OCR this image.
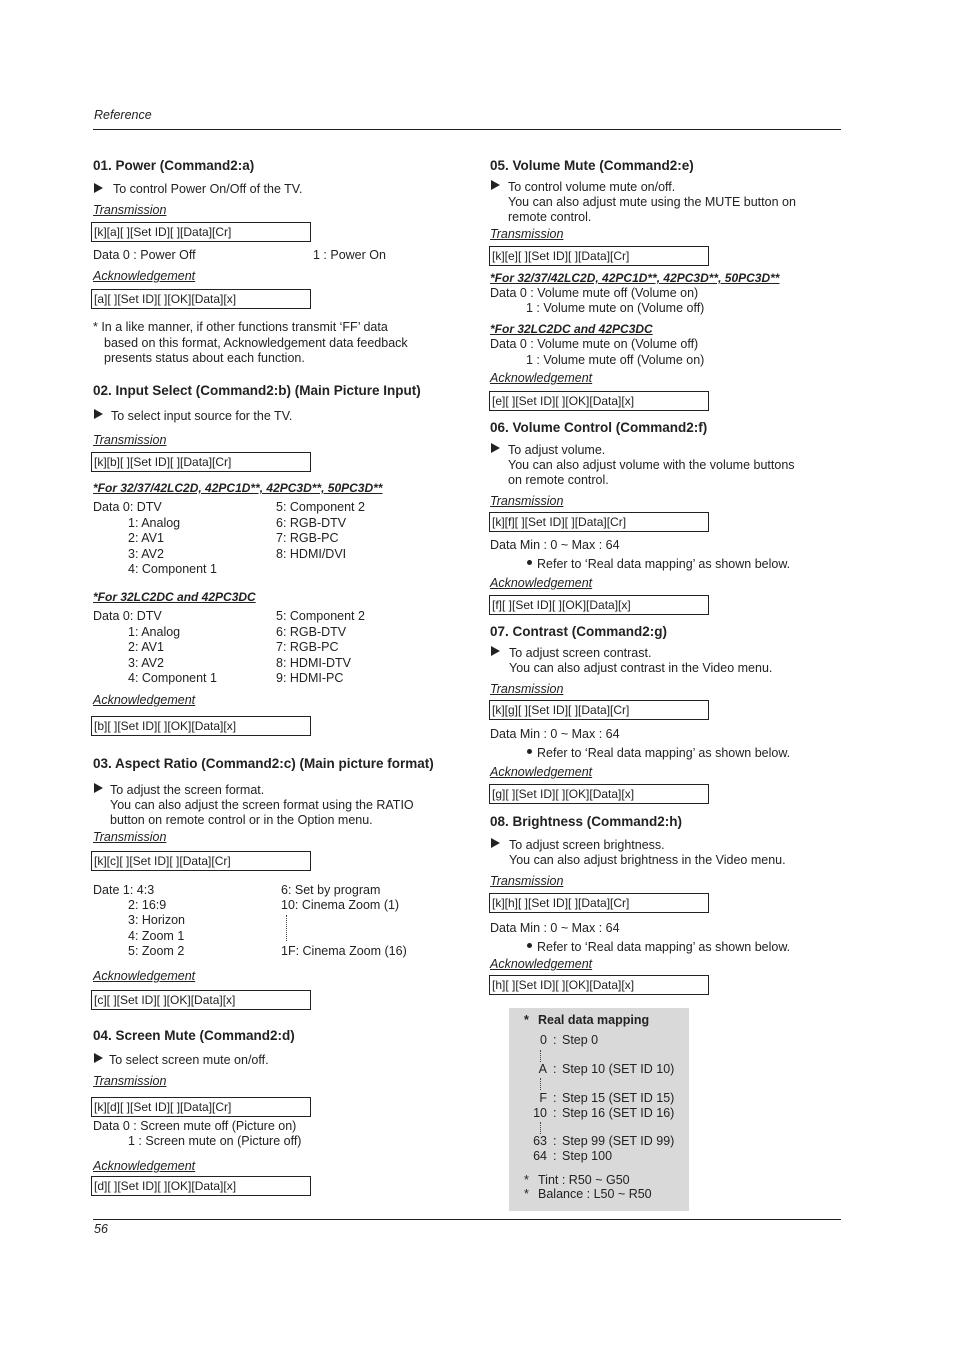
Reference
01. Power (Command2:a)
To control Power On/Off of the TV.
Transmission
[k][a][ ][Set ID][ ][Data][Cr]
Data 0 : Power Off	1 : Power On
Acknowledgement
[a][ ][Set ID][ ][OK][Data][x]
* In a like manner, if other functions transmit ‘FF’ data
based on this format, Acknowledgement data feedback
presents status about each function.
02. Input Select (Command2:b) (Main Picture Input)
To select input source for the TV.
Transmission
[k][b][ ][Set ID][ ][Data][Cr]
*For 32/37/42LC2D, 42PC1D**, 42PC3D**, 50PC3D**
Data 0: DTV
1: Analog
2: AV1
3: AV2
4: Component 1
5: Component 2
6: RGB-DTV
7: RGB-PC
8: HDMI/DVI
*For 32LC2DC and 42PC3DC
Data 0: DTV
1: Analog
2: AV1
3: AV2
4: Component 1
5: Component 2
6: RGB-DTV
7: RGB-PC
8: HDMI-DTV
9: HDMI-PC
Acknowledgement
[b][ ][Set ID][ ][OK][Data][x]
03. Aspect Ratio (Command2:c) (Main picture format)
To adjust the screen format.
You can also adjust the screen format using the RATIO
button on remote control or in the Option menu.
Transmission
[k][c][ ][Set ID][ ][Data][Cr]
Date 1: 4:3
2: 16:9
3: Horizon
4: Zoom 1
5: Zoom 2
6: Set by program
10: Cinema Zoom (1)
1F: Cinema Zoom (16)
Acknowledgement
[c][ ][Set ID][ ][OK][Data][x]
04. Screen Mute (Command2:d)
To select screen mute on/off.
Transmission
[k][d][ ][Set ID][ ][Data][Cr]
Data 0 : Screen mute off (Picture on)
1 : Screen mute on (Picture off)
Acknowledgement
[d][ ][Set ID][ ][OK][Data][x]
05. Volume Mute (Command2:e)
To control volume mute on/off.
You can also adjust mute using the MUTE button on
remote control.
Transmission
[k][e][ ][Set ID][ ][Data][Cr]
*For 32/37/42LC2D, 42PC1D**, 42PC3D**, 50PC3D**
Data 0 : Volume mute off (Volume on)
1 : Volume mute on (Volume off)
*For 32LC2DC and 42PC3DC
Data 0 : Volume mute on (Volume off)
1 : Volume mute off (Volume on)
Acknowledgement
[e][ ][Set ID][ ][OK][Data][x]
06. Volume Control (Command2:f)
To adjust volume.
You can also adjust volume with the volume buttons
on remote control.
Transmission
[k][f][ ][Set ID][ ][Data][Cr]
Data Min : 0 ~ Max : 64
Refer to ‘Real data mapping’ as shown below.
Acknowledgement
[f][ ][Set ID][ ][OK][Data][x]
07. Contrast (Command2:g)
To adjust screen contrast.
You can also adjust contrast in the Video menu.
Transmission
[k][g][ ][Set ID][ ][Data][Cr]
Data Min : 0 ~ Max : 64
Refer to ‘Real data mapping’ as shown below.
Acknowledgement
[g][ ][Set ID][ ][OK][Data][x]
08. Brightness (Command2:h)
To adjust screen brightness.
You can also adjust brightness in the Video menu.
Transmission
[k][h][ ][Set ID][ ][Data][Cr]
Data Min : 0 ~ Max : 64
Refer to ‘Real data mapping’ as shown below.
Acknowledgement
[h][ ][Set ID][ ][OK][Data][x]
* Real data mapping
0 : Step 0
A : Step 10 (SET ID 10)
F : Step 15 (SET ID 15)
10 : Step 16 (SET ID 16)
63 : Step 99 (SET ID 99)
64 : Step 100
* Tint : R50 ~ G50
* Balance : L50 ~ R50
56
